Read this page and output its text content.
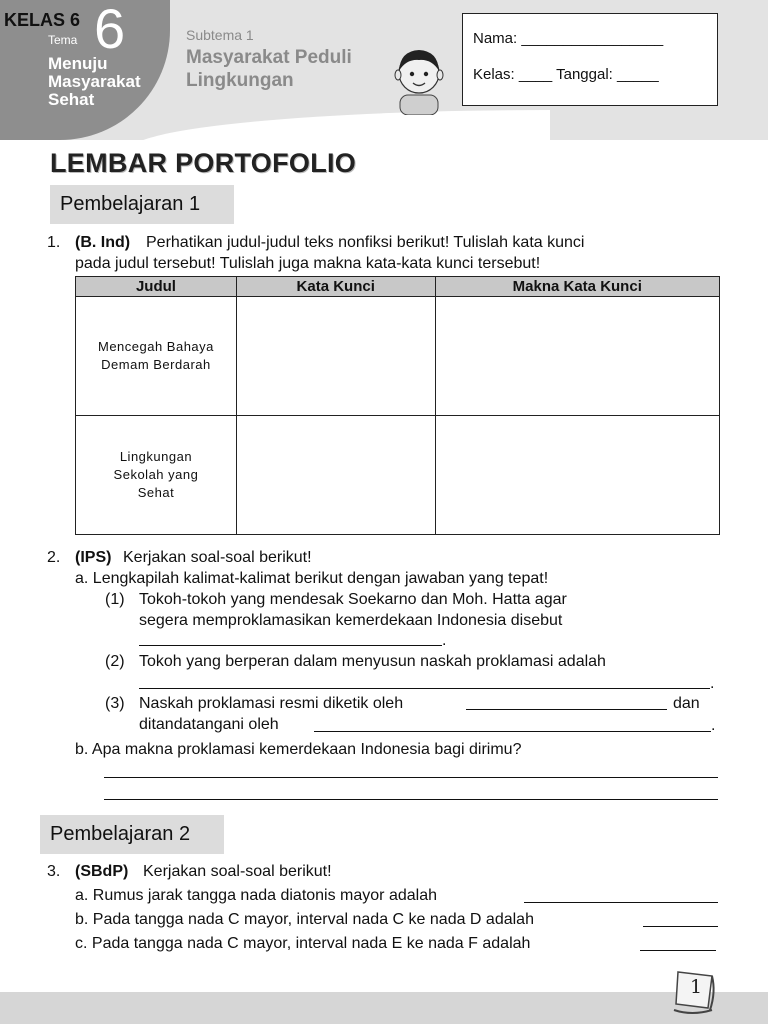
KELAS 6
Tema 6
Menuju Masyarakat Sehat
Subtema 1
Masyarakat Peduli Lingkungan
Nama: _________________
Kelas: ____ Tanggal: _____
LEMBAR PORTOFOLIO
Pembelajaran 1
1. (B. Ind) Perhatikan judul-judul teks nonfiksi berikut! Tulislah kata kunci
pada judul tersebut! Tulislah juga makna kata-kata kunci tersebut!
Judul	Kata Kunci	Makna Kata Kunci

Mencegah Bahaya Demam Berdarah		

Lingkungan Sekolah yang Sehat		

2. (IPS) Kerjakan soal-soal berikut!
a. Lengkapilah kalimat-kalimat berikut dengan jawaban yang tepat!
(1) Tokoh-tokoh yang mendesak Soekarno dan Moh. Hatta agar
segera memproklamasikan kemerdekaan Indonesia disebut
.
(2) Tokoh yang berperan dalam menyusun naskah proklamasi adalah
.
(3) Naskah proklamasi resmi diketik oleh	dan
ditandatangani oleh	.
b. Apa makna proklamasi kemerdekaan Indonesia bagi dirimu?
Pembelajaran 2
3. (SBdP) Kerjakan soal-soal berikut!
a. Rumus jarak tangga nada diatonis mayor adalah
b. Pada tangga nada C mayor, interval nada C ke nada D adalah
c. Pada tangga nada C mayor, interval nada E ke nada F adalah
1
